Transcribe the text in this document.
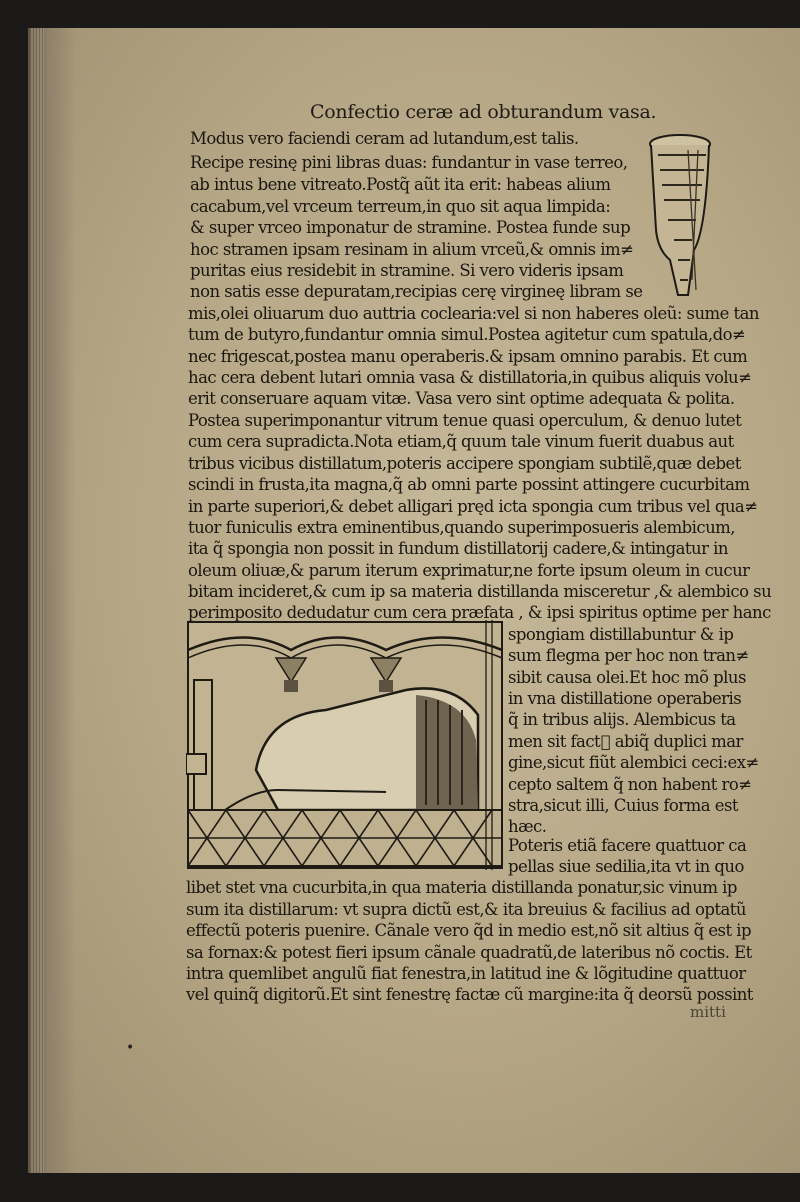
Confectio ceræ ad obturandum vasa.
Modus vero faciendi ceram ad lutandum,est talis.
Recipe resinę pini libras duas: fundantur in vase terreo,
ab intus bene vitreato.Postq̃ aũt ita erit: habeas alium
cacabum,vel vrceum terreum,in quo sit aqua limpida:
& super vrceo imponatur de stramine. Postea funde sup
hoc stramen ipsam resinam in alium vrceũ,& omnis im≠
puritas eius residebit in stramine. Si vero videris ipsam
non satis esse depuratam,recipias cerę virgineę libram se
mis,olei oliuarum duo auttria coclearia:vel si non haberes oleũ: sume tan
tum de butyro,fundantur omnia simul.Postea agitetur cum spatula,do≠
nec frigescat,postea manu operaberis.& ipsam omnino parabis. Et cum
hac cera debent lutari omnia vasa & distillatoria,in quibus aliquis volu≠
erit conseruare aquam vitæ. Vasa vero sint optime adequata & polita.
Postea superimponantur vitrum tenue quasi operculum, & denuo lutet
cum cera supradicta.Nota etiam,q̃ quum tale vinum fuerit duabus aut
tribus vicibus distillatum,poteris accipere spongiam subtilẽ,quæ debet
scindi in frusta,ita magna,q̃ ab omni parte possint attingere cucurbitam
in parte superiori,& debet alligari pręd icta spongia cum tribus vel qua≠
tuor funiculis extra eminentibus,quando superimposueris alembicum,
ita q̃ spongia non possit in fundum distillatorij cadere,& intingatur in
oleum oliuæ,& parum iterum exprimatur,ne forte ipsum oleum in cucur
bitam incideret,& cum ip sa materia distillanda misceretur ,& alembico su
perimposito dedudatur cum cera præfata , & ipsi spiritus optime per hanc
spongiam distillabuntur & ip
sum flegma per hoc non tran≠
sibit causa olei.Et hoc mõ plus
in vna distillatione operaberis
q̃ in tribus alijs. Alembicus ta
men sit fact᷑ abiq̃ duplici mar
gine,sicut fiũt alembici ceci:ex≠
cepto saltem q̃ non habent ro≠
stra,sicut illi, Cuius forma est
hæc.
Poteris etiã facere quattuor ca
pellas siue sedilia,ita vt in quo
libet stet vna cucurbita,in qua materia distillanda ponatur,sic vinum ip
sum ita distillarum: vt supra dictũ est,& ita breuius & facilius ad optatũ
effectũ poteris puenire. Cãnale vero q̃d in medio est,nõ sit altius q̃ est ip
sa fornax:& potest fieri ipsum cãnale quadratũ,de lateribus nõ coctis. Et
intra quemlibet angulũ fiat fenestra,in latitud ine & lõgitudine quattuor
vel quinq̃ digitorũ.Et sint fenestrę factæ cũ margine:ita q̃ deorsũ possint
mitti
•
